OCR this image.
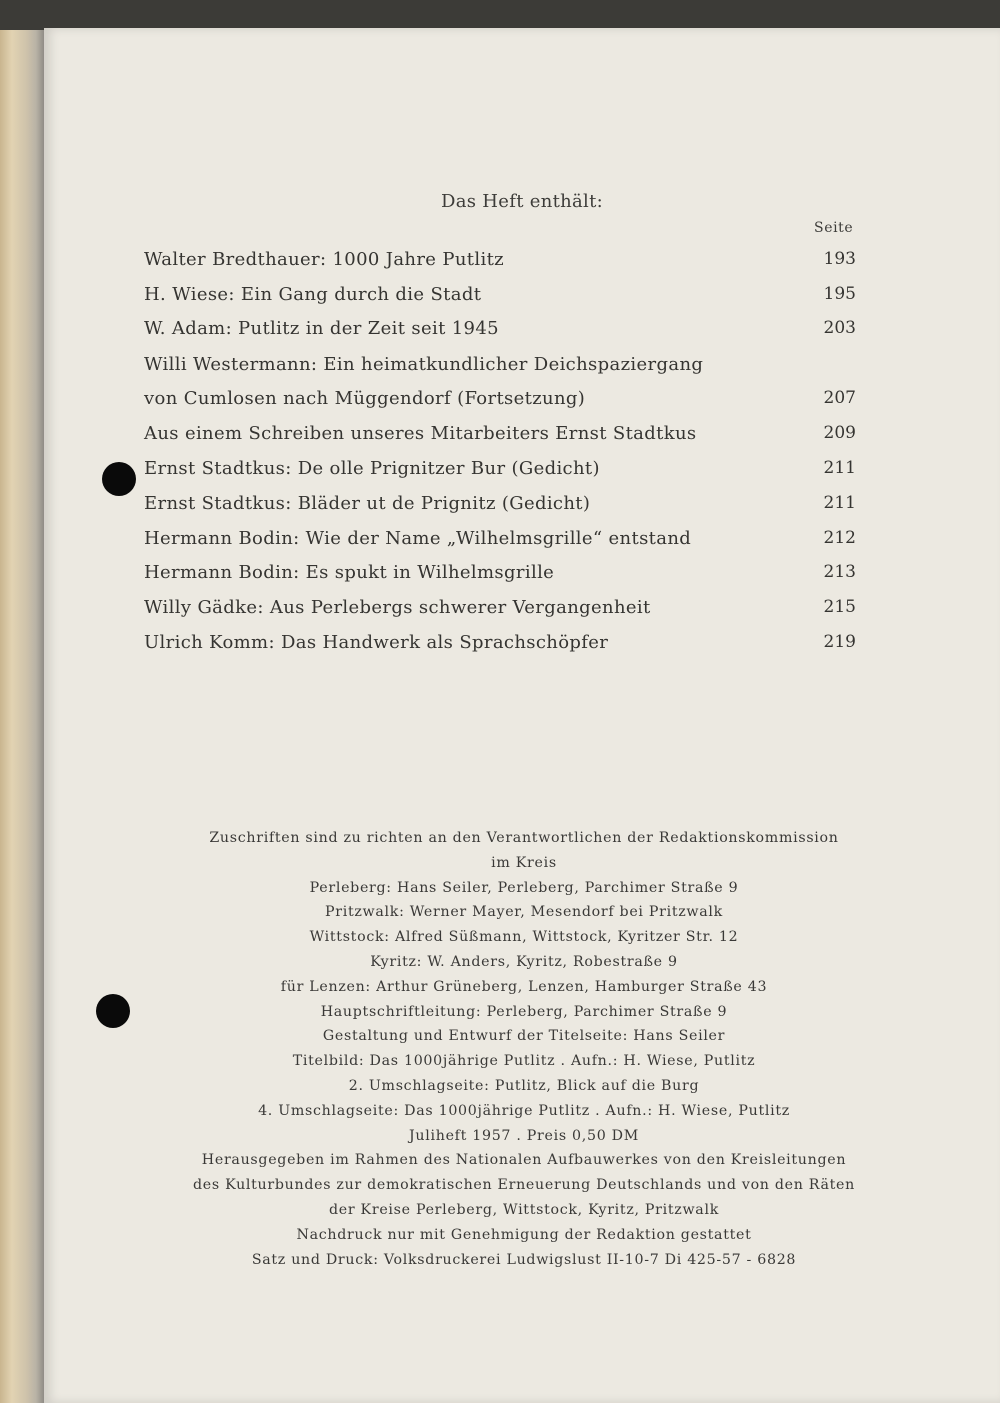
Das Heft enthält:
Seite
Walter Bredthauer: 1000 Jahre Putlitz	193
H. Wiese: Ein Gang durch die Stadt	195
W. Adam: Putlitz in der Zeit seit 1945	203
Willi Westermann: Ein heimatkundlicher Deichspaziergang
von Cumlosen nach Müggendorf (Fortsetzung)	207
Aus einem Schreiben unseres Mitarbeiters Ernst Stadtkus	209
Ernst Stadtkus: De olle Prignitzer Bur (Gedicht)	211
Ernst Stadtkus: Bläder ut de Prignitz (Gedicht)	211
Hermann Bodin: Wie der Name „Wilhelmsgrille“ entstand	212
Hermann Bodin: Es spukt in Wilhelmsgrille	213
Willy Gädke: Aus Perlebergs schwerer Vergangenheit	215
Ulrich Komm: Das Handwerk als Sprachschöpfer	219
Zuschriften sind zu richten an den Verantwortlichen der Redaktionskommission
im Kreis
Perleberg: Hans Seiler, Perleberg, Parchimer Straße 9
Pritzwalk: Werner Mayer, Mesendorf bei Pritzwalk
Wittstock: Alfred Süßmann, Wittstock, Kyritzer Str. 12
Kyritz: W. Anders, Kyritz, Robestraße 9
für Lenzen: Arthur Grüneberg, Lenzen, Hamburger Straße 43
Hauptschriftleitung: Perleberg, Parchimer Straße 9
Gestaltung und Entwurf der Titelseite: Hans Seiler
Titelbild: Das 1000jährige Putlitz . Aufn.: H. Wiese, Putlitz
2. Umschlagseite: Putlitz, Blick auf die Burg
4. Umschlagseite: Das 1000jährige Putlitz . Aufn.: H. Wiese, Putlitz
Juliheft 1957 . Preis 0,50 DM
Herausgegeben im Rahmen des Nationalen Aufbauwerkes von den Kreisleitungen
des Kulturbundes zur demokratischen Erneuerung Deutschlands und von den Räten
der Kreise Perleberg, Wittstock, Kyritz, Pritzwalk
Nachdruck nur mit Genehmigung der Redaktion gestattet
Satz und Druck: Volksdruckerei Ludwigslust II-10-7 Di 425-57 - 6828
